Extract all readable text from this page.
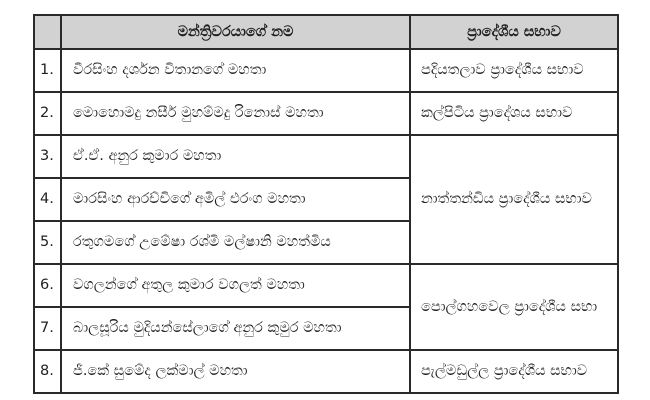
	මන්ත්‍රිවරයාගේ නම	ප්‍රාදේශීය සභාව
1.	වීරසිංහ දර්ශන විතානගේ මහතා	පදියතලාව ප්‍රාදේශීය සභාව
2.	මොහොමදු නසීර් මුහම්මදු රිනොස් මහතා	කල්පිටිය ප්‍රාදේශය සභාව
3.	ඒ.ඒ. අනුර කුමාර මහතා	නාත්තන්ඩිය ප්‍රාදේශීය සභාව
4.	මාරසිංහ ආරච්චිගේ අමිල් එරංග මහතා	
5.	රතුගමගේ උමේෂා රශ්මි මල්ෂානි මහත්මිය	
6.	වගලන්ගේ අතුල කුමාර වගලත් මහතා	පොල්ගහවෙල ප්‍රාදේශීය සභා
7.	බාලසූරිය මුදියන්සේලාගේ අනුර කුමුර මහතා	
8.	ජී.කේ සුමේද ලක්මාල් මහතා	පැල්මඩුල්ල ප්‍රාදේශීය සභාව
